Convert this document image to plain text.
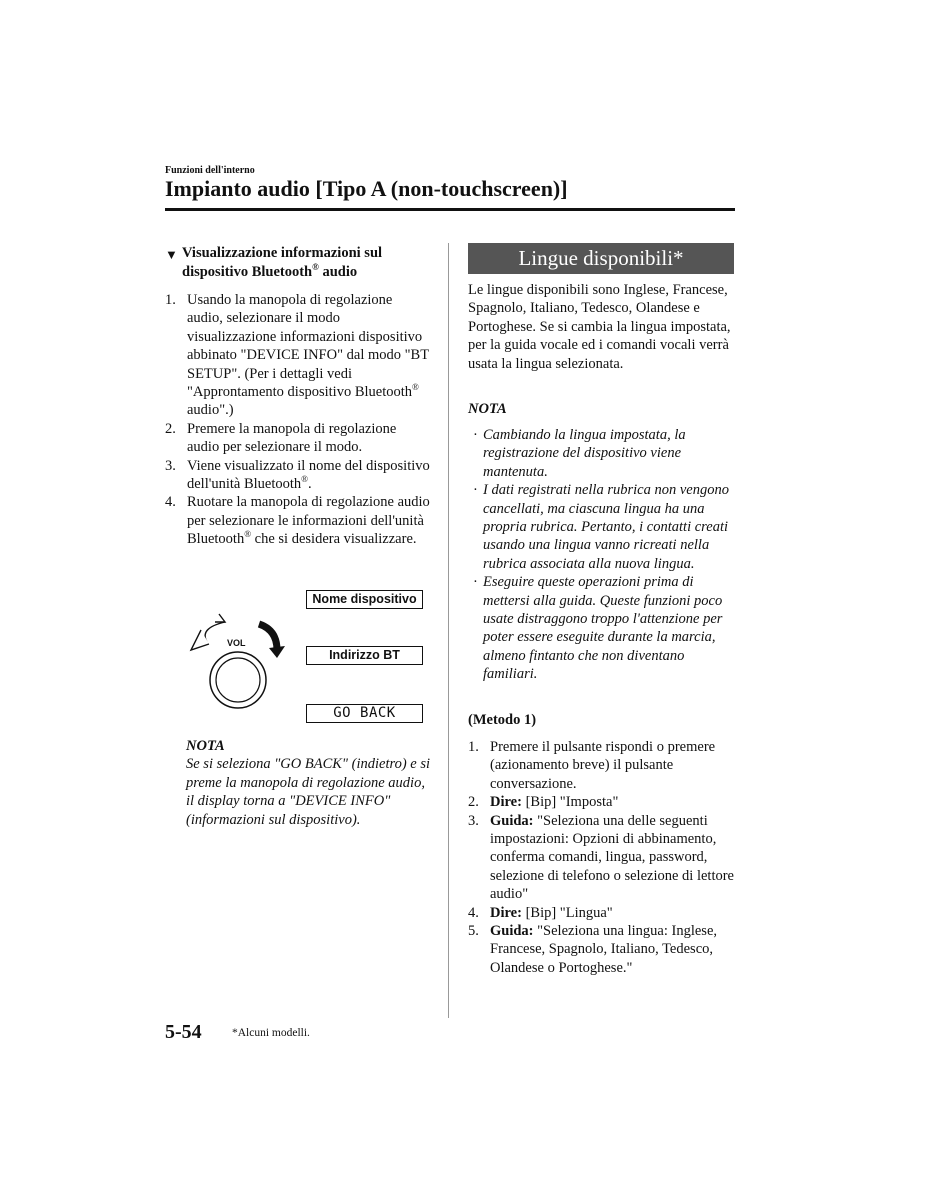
Funzioni dell'interno
Impianto audio [Tipo A (non-touchscreen)]
▼ Visualizzazione informazioni sul
dispositivo Bluetooth® audio
1. Usando la manopola di regolazione audio, selezionare il modo visualizzazione informazioni dispositivo abbinato "DEVICE INFO" dal modo "BT SETUP". (Per i dettagli vedi "Approntamento dispositivo Bluetooth® audio".)
2. Premere la manopola di regolazione audio per selezionare il modo.
3. Viene visualizzato il nome del dispositivo dell'unità Bluetooth®.
4. Ruotare la manopola di regolazione audio per selezionare le informazioni dell'unità Bluetooth® che si desidera visualizzare.
VOL
Nome dispositivo
Indirizzo BT
GO BACK
NOTA
Se si seleziona "GO BACK" (indietro) e si preme la manopola di regolazione audio, il display torna a "DEVICE INFO" (informazioni sul dispositivo).
Lingue disponibili*
Le lingue disponibili sono Inglese, Francese, Spagnolo, Italiano, Tedesco, Olandese e Portoghese. Se si cambia la lingua impostata, per la guida vocale ed i comandi vocali verrà usata la lingua selezionata.
NOTA
· Cambiando la lingua impostata, la registrazione del dispositivo viene mantenuta.
· I dati registrati nella rubrica non vengono cancellati, ma ciascuna lingua ha una propria rubrica. Pertanto, i contatti creati usando una lingua vanno ricreati nella rubrica associata alla nuova lingua.
· Eseguire queste operazioni prima di mettersi alla guida. Queste funzioni poco usate distraggono troppo l'attenzione per poter essere eseguite durante la marcia, almeno fintanto che non diventano familiari.
(Metodo 1)
1. Premere il pulsante rispondi o premere (azionamento breve) il pulsante conversazione.
2. Dire: [Bip] "Imposta"
3. Guida: "Seleziona una delle seguenti impostazioni: Opzioni di abbinamento, conferma comandi, lingua, password, selezione di telefono o selezione di lettore audio"
4. Dire: [Bip] "Lingua"
5. Guida: "Seleziona una lingua: Inglese, Francese, Spagnolo, Italiano, Tedesco, Olandese o Portoghese."
5-54	*Alcuni modelli.
